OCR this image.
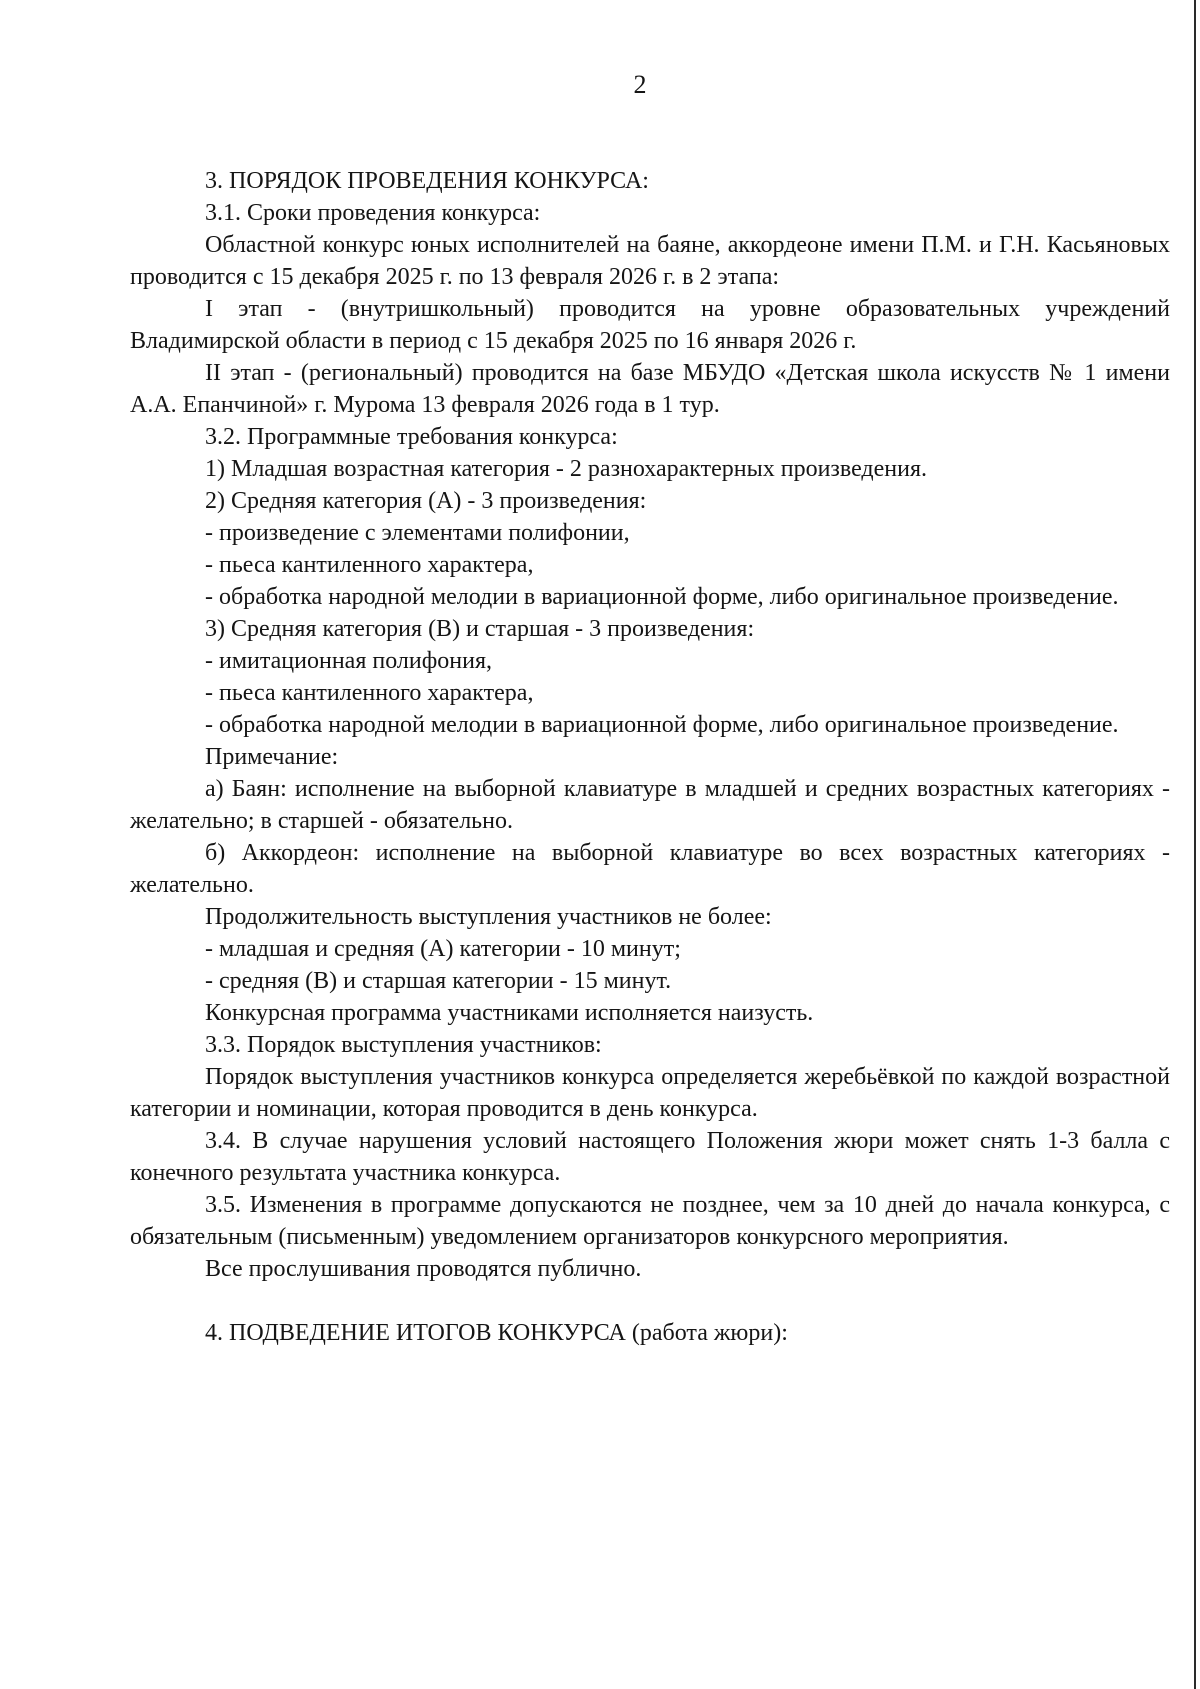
2

3. ПОРЯДОК ПРОВЕДЕНИЯ КОНКУРСА:

3.1. Сроки проведения конкурса:

Областной конкурс юных исполнителей на баяне, аккордеоне имени П.М. и Г.Н. Касьяновых проводится с 15 декабря 2025 г. по 13 февраля 2026 г. в 2 этапа:

I этап - (внутришкольный) проводится на уровне образовательных учреждений Владимирской области в период с 15 декабря 2025 по 16 января 2026 г.

II этап - (региональный) проводится на базе МБУДО «Детская школа искусств № 1 имени А.А. Епанчиной» г. Мурома 13 февраля 2026 года в 1 тур.

3.2. Программные требования конкурса:

1) Младшая возрастная категория - 2 разнохарактерных произведения.

2) Средняя категория (А) - 3 произведения:

- произведение с элементами полифонии,

- пьеса кантиленного характера,

- обработка народной мелодии в вариационной форме, либо оригинальное произведение.

3) Средняя категория (В) и старшая - 3 произведения:

- имитационная полифония,

- пьеса кантиленного характера,

- обработка народной мелодии в вариационной форме, либо оригинальное произведение.

Примечание:

а) Баян: исполнение на выборной клавиатуре в младшей и средних возрастных категориях - желательно; в старшей - обязательно.

б) Аккордеон: исполнение на выборной клавиатуре во всех возрастных категориях - желательно.

Продолжительность выступления участников не более:

- младшая и средняя (А) категории - 10 минут;

- средняя (В) и старшая категории - 15 минут.

Конкурсная программа участниками исполняется наизусть.

3.3. Порядок выступления участников:

Порядок выступления участников конкурса определяется жеребьёвкой по каждой возрастной категории и номинации, которая проводится в день конкурса.

3.4. В случае нарушения условий настоящего Положения жюри может снять 1-3 балла с конечного результата участника конкурса.

3.5. Изменения в программе допускаются не позднее, чем за 10 дней до начала конкурса, с обязательным (письменным) уведомлением организаторов конкурсного мероприятия.

Все прослушивания проводятся публично.

4. ПОДВЕДЕНИЕ ИТОГОВ КОНКУРСА (работа жюри):
